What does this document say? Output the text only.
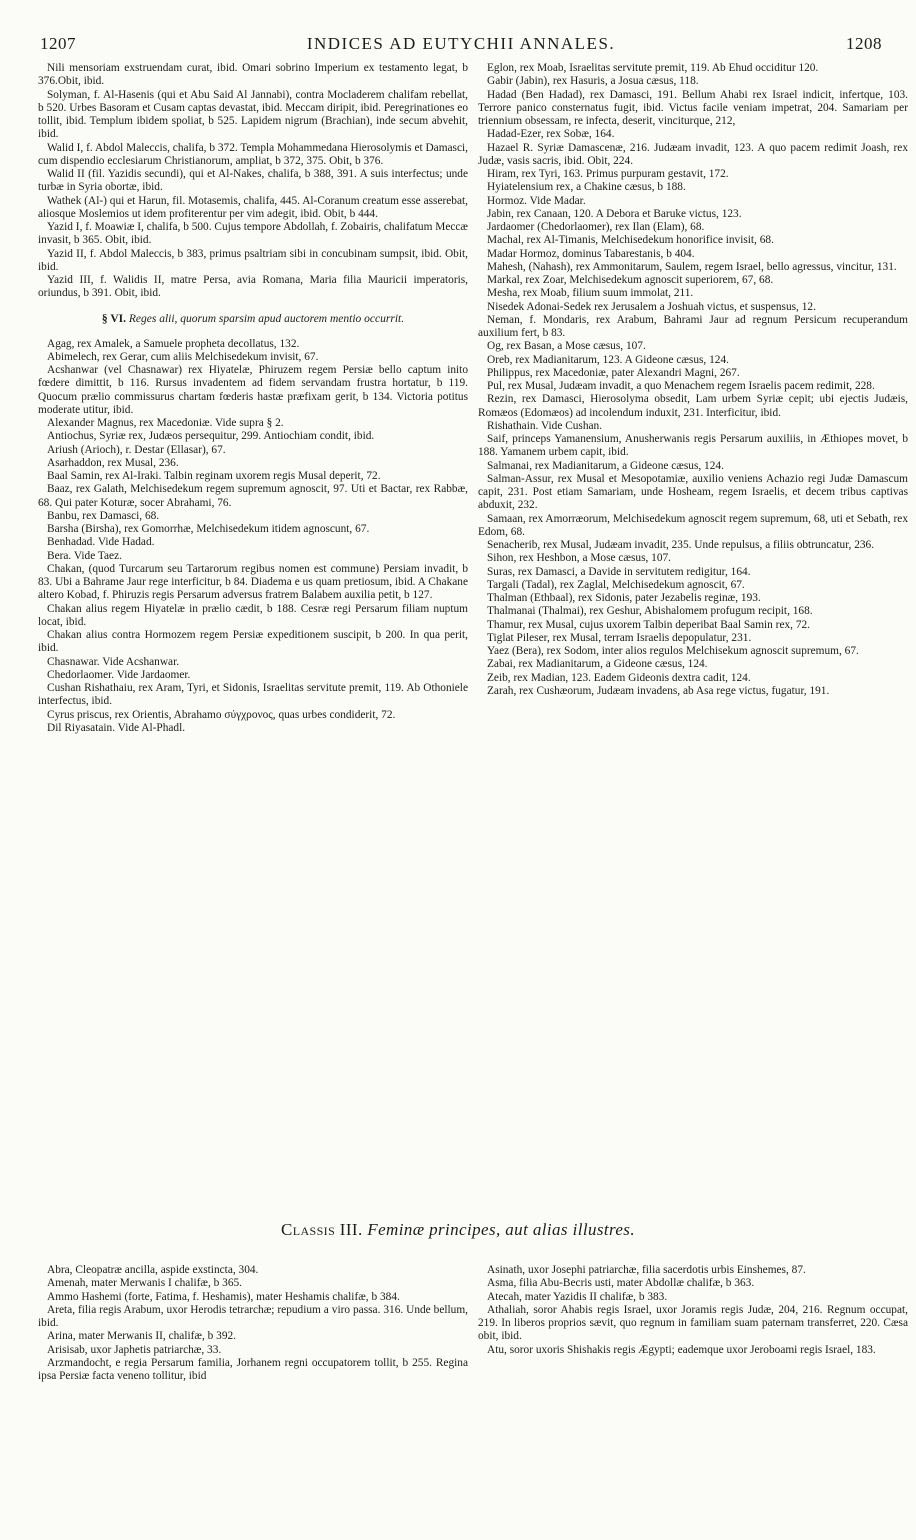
1207	INDICES AD EUTYCHII ANNALES.	1208

Nili mensoriam exstruendam curat, ibid. Omari sobrino Imperium ex testamento legat, b 376.Obit, ibid.

Solyman, f. Al-Hasenis (qui et Abu Said Al Jannabi), contra Mocladerem chalifam rebellat, b 520. Urbes Basoram et Cusam captas devastat, ibid. Meccam diripit, ibid. Peregrinationes eo tollit, ibid. Templum ibidem spoliat, b 525. Lapidem nigrum (Brachian), inde secum abvehit, ibid.

Walid I, f. Abdol Maleccis, chalifa, b 372. Templa Mohammedana Hierosolymis et Damasci, cum dispendio ecclesiarum Christianorum, ampliat, b 372, 375. Obit, b 376.

Walid II (fil. Yazidis secundi), qui et Al-Nakes, chalifa, b 388, 391. A suis interfectus; unde turbæ in Syria obortæ, ibid.

Wathek (Al-) qui et Harun, fil. Motasemis, chalifa, 445. Al-Coranum creatum esse asserebat, aliosque Moslemios ut idem profiterentur per vim adegit, ibid. Obit, b 444.

Yazid I, f. Moawiæ I, chalifa, b 500. Cujus tempore Abdollah, f. Zobairis, chalifatum Meccæ invasit, b 365. Obit, ibid.

Yazid II, f. Abdol Maleccis, b 383, primus psaltriam sibi in concubinam sumpsit, ibid. Obit, ibid.

Yazid III, f. Walidis II, matre Persa, avia Romana, Maria filia Mauricii imperatoris, oriundus, b 391. Obit, ibid.

§ VI. Reges alii, quorum sparsim apud auctorem mentio occurrit.

Agag, rex Amalek, a Samuele propheta decollatus, 132.

Abimelech, rex Gerar, cum aliis Melchisedekum invisit, 67.

Acshanwar (vel Chasnawar) rex Hiyatelæ, Phiruzem regem Persiæ bello captum inito fœdere dimittit, b 116. Rursus invadentem ad fidem servandam frustra hortatur, b 119. Quocum prælio commissurus chartam fœderis hastæ præfixam gerit, b 134. Victoria potitus moderate utitur, ibid.

Alexander Magnus, rex Macedoniæ. Vide supra § 2.

Antiochus, Syriæ rex, Judæos persequitur, 299. Antiochiam condit, ibid.

Ariush (Arioch), r. Destar (Ellasar), 67.

Asarhaddon, rex Musal, 236.

Baal Samin, rex Al-Iraki. Talbin reginam uxorem regis Musal deperit, 72.

Baaz, rex Galath, Melchisedekum regem supremum agnoscit, 97. Uti et Bactar, rex Rabbæ, 68. Qui pater Koturæ, socer Abrahami, 76.

Banbu, rex Damasci, 68.

Barsha (Birsha), rex Gomorrhæ, Melchisedekum itidem agnoscunt, 67.

Benhadad. Vide Hadad.

Bera. Vide Taez.

Chakan, (quod Turcarum seu Tartarorum regibus nomen est commune) Persiam invadit, b 83. Ubi a Bahrame Jaur rege interficitur, b 84. Diadema e us quam pretiosum, ibid. A Chakane altero Kobad, f. Phiruzis regis Persarum adversus fratrem Balabem auxilia petit, b 127.

Chakan alius regem Hiyatelæ in prælio cædit, b 188. Cesræ regi Persarum filiam nuptum locat, ibid.

Chakan alius contra Hormozem regem Persiæ expeditionem suscipit, b 200. In qua perit, ibid.

Chasnawar. Vide Acshanwar.

Chedorlaomer. Vide Jardaomer.

Cushan Rishathaiu, rex Aram, Tyri, et Sidonis, Israelitas servitute premit, 119. Ab Othoniele interfectus, ibid.

Cyrus priscus, rex Orientis, Abrahamo σύγχρονος, quas urbes condiderit, 72.

Dil Riyasatain. Vide Al-Phadl.

Eglon, rex Moab, Israelitas servitute premit, 119. Ab Ehud occiditur 120.

Gabir (Jabin), rex Hasuris, a Josua cæsus, 118.

Hadad (Ben Hadad), rex Damasci, 191. Bellum Ahabi rex Israel indicit, infertque, 103. Terrore panico consternatus fugit, ibid. Victus facile veniam impetrat, 204. Samariam per triennium obsessam, re infecta, deserit, vinciturque, 212,

Hadad-Ezer, rex Sobæ, 164.

Hazael R. Syriæ Damascenæ, 216. Judæam invadit, 123. A quo pacem redimit Joash, rex Judæ, vasis sacris, ibid. Obit, 224.

Hiram, rex Tyri, 163. Primus purpuram gestavit, 172.

Hyiatelensium rex, a Chakine cæsus, b 188.

Hormoz. Vide Madar.

Jabin, rex Canaan, 120. A Debora et Baruke victus, 123.

Jardaomer (Chedorlaomer), rex Ilan (Elam), 68.

Machal, rex Al-Timanis, Melchisedekum honorifice invisit, 68.

Madar Hormoz, dominus Tabarestanis, b 404.

Mahesh, (Nahash), rex Ammonitarum, Saulem, regem Israel, bello agressus, vincitur, 131.

Markal, rex Zoar, Melchisedekum agnoscit superiorem, 67, 68.

Mesha, rex Moab, filium suum immolat, 211.

Nisedek Adonai-Sedek rex Jerusalem a Joshuah victus, et suspensus, 12.

Neman, f. Mondaris, rex Arabum, Bahrami Jaur ad regnum Persicum recuperandum auxilium fert, b 83.

Og, rex Basan, a Mose cæsus, 107.

Oreb, rex Madianitarum, 123. A Gideone cæsus, 124.

Philippus, rex Macedoniæ, pater Alexandri Magni, 267.

Pul, rex Musal, Judæam invadit, a quo Menachem regem Israelis pacem redimit, 228.

Rezin, rex Damasci, Hierosolyma obsedit, Lam urbem Syriæ cepit; ubi ejectis Judæis, Romæos (Edomæos) ad incolendum induxit, 231. Interficitur, ibid.

Rishathain. Vide Cushan.

Saif, princeps Yamanensium, Anusherwanis regis Persarum auxiliis, in Æthiopes movet, b 188. Yamanem urbem capit, ibid.

Salmanai, rex Madianitarum, a Gideone cæsus, 124.

Salman-Assur, rex Musal et Mesopotamiæ, auxilio veniens Achazio regi Judæ Damascum capit, 231. Post etiam Samariam, unde Hosheam, regem Israelis, et decem tribus captivas abduxit, 232.

Samaan, rex Amorræorum, Melchisedekum agnoscit regem supremum, 68, uti et Sebath, rex Edom, 68.

Senacherib, rex Musal, Judæam invadit, 235. Unde repulsus, a filiis obtruncatur, 236.

Sihon, rex Heshbon, a Mose cæsus, 107.

Suras, rex Damasci, a Davide in servitutem redigitur, 164.

Targali (Tadal), rex Zaglal, Melchisedekum agnoscit, 67.

Thalman (Ethbaal), rex Sidonis, pater Jezabelis reginæ, 193.

Thalmanai (Thalmai), rex Geshur, Abishalomem profugum recipit, 168.

Thamur, rex Musal, cujus uxorem Talbin deperibat Baal Samin rex, 72.

Tiglat Pileser, rex Musal, terram Israelis depopulatur, 231.

Yaez (Bera), rex Sodom, inter alios regulos Melchisekum agnoscit supremum, 67.

Zabai, rex Madianitarum, a Gideone cæsus, 124.

Zeib, rex Madian, 123. Eadem Gideonis dextra cadit, 124.

Zarah, rex Cushæorum, Judæam invadens, ab Asa rege victus, fugatur, 191.

Classis III. Feminæ principes, aut alias illustres.

Abra, Cleopatræ ancilla, aspide exstincta, 304.

Amenah, mater Merwanis I chalifæ, b 365.

Ammo Hashemi (forte, Fatima, f. Heshamis), mater Heshamis chalifæ, b 384.

Areta, filia regis Arabum, uxor Herodis tetrarchæ; repudium a viro passa. 316. Unde bellum, ibid.

Arina, mater Merwanis II, chalifæ, b 392.

Arisisab, uxor Japhetis patriarchæ, 33.

Arzmandocht, e regia Persarum familia, Jorhanem regni occupatorem tollit, b 255. Regina ipsa Persiæ facta veneno tollitur, ibid

Asinath, uxor Josephi patriarchæ, filia sacerdotis urbis Einshemes, 87.

Asma, filia Abu-Becris usti, mater Abdollæ chalifæ, b 363.

Atecah, mater Yazidis II chalifæ, b 383.

Athaliah, soror Ahabis regis Israel, uxor Joramis regis Judæ, 204, 216. Regnum occupat, 219. In liberos proprios sævit, quo regnum in familiam suam paternam transferret, 220. Cæsa obit, ibid.

Atu, soror uxoris Shishakis regis Ægypti; eademque uxor Jeroboami regis Israel, 183.
